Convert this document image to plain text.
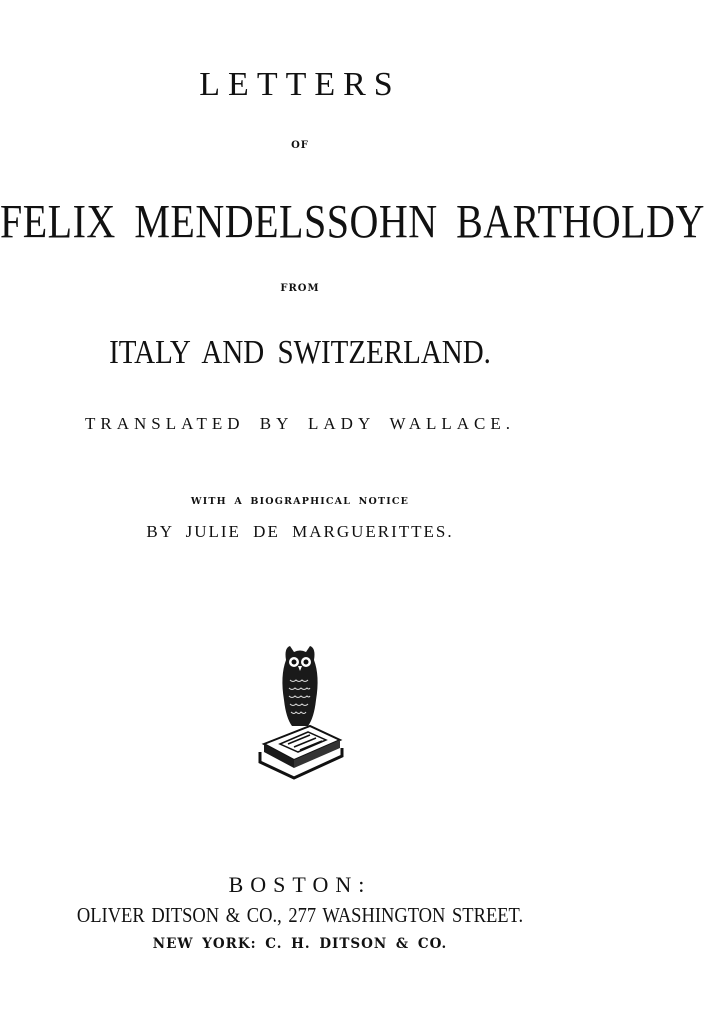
LETTERS
OF
FELIX MENDELSSOHN BARTHOLDY
FROM
ITALY AND SWITZERLAND.
TRANSLATED BY LADY WALLACE.
WITH A BIOGRAPHICAL NOTICE
BY JULIE DE MARGUERITTES.
BOSTON:
OLIVER DITSON & CO., 277 WASHINGTON STREET.
NEW YORK: C. H. DITSON & CO.
